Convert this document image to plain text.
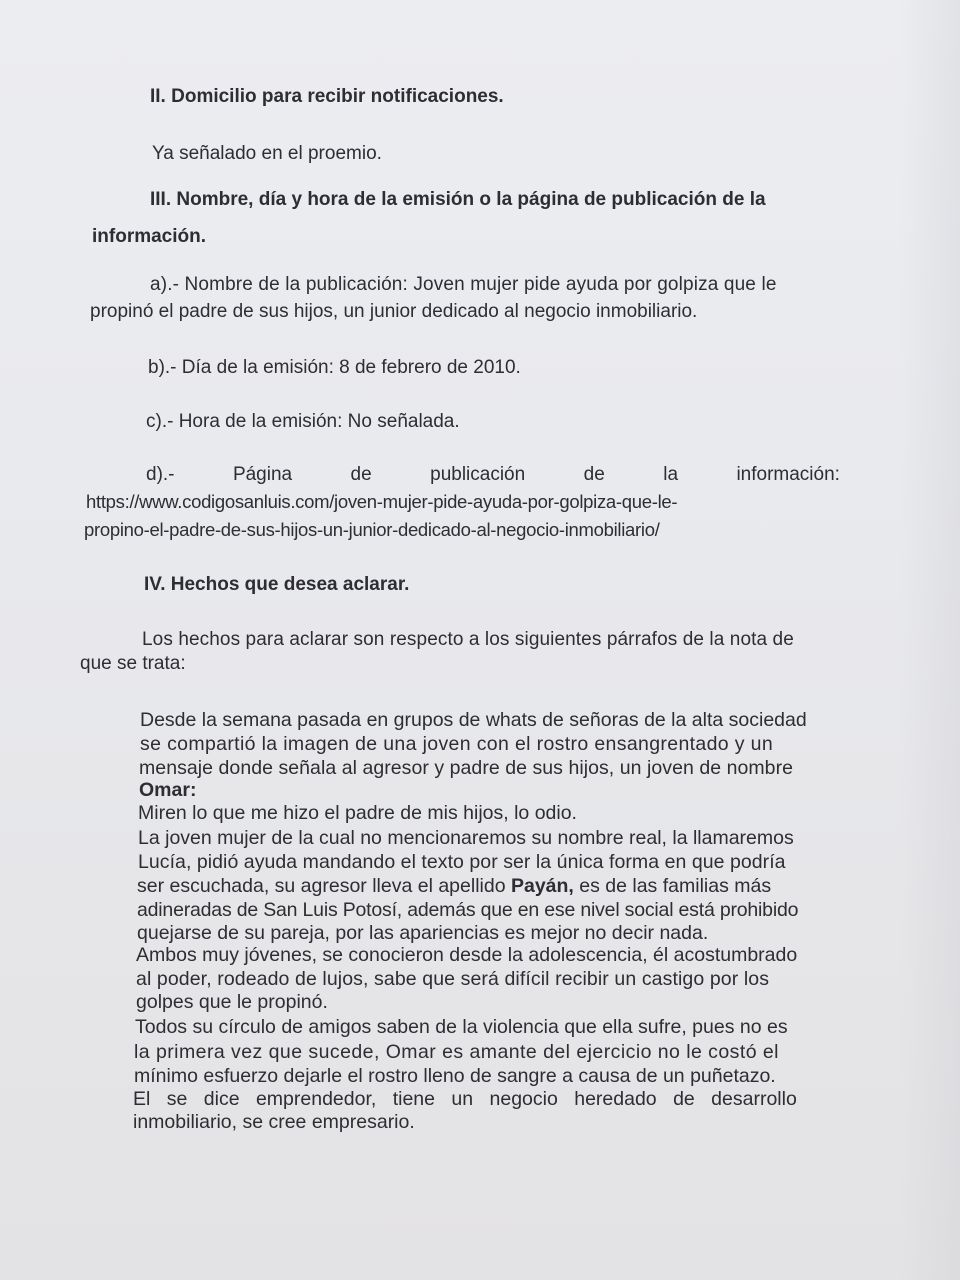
II. Domicilio para recibir notificaciones.

Ya señalado en el proemio.

III. Nombre, día y hora de la emisión o la página de publicación de la

información.

a).- Nombre de la publicación: Joven mujer pide ayuda por golpiza que le

propinó el padre de sus hijos, un junior dedicado al negocio inmobiliario.

b).- Día de la emisión: 8 de febrero de 2010.

c).- Hora de la emisión: No señalada.

d).-	Página	de	publicación	de	la	información:

https://www.codigosanluis.com/joven-mujer-pide-ayuda-por-golpiza-que-le-

propino-el-padre-de-sus-hijos-un-junior-dedicado-al-negocio-inmobiliario/

IV. Hechos que desea aclarar.

Los hechos para aclarar son respecto a los siguientes párrafos de la nota de

que se trata:

Desde la semana pasada en grupos de whats de señoras de la alta sociedad

se compartió la imagen de una joven con el rostro ensangrentado y un

mensaje donde señala al agresor y padre de sus hijos, un joven de nombre

Omar:

Miren lo que me hizo el padre de mis hijos, lo odio.

La joven mujer de la cual no mencionaremos su nombre real, la llamaremos

Lucía, pidió ayuda mandando el texto por ser la única forma en que podría

ser escuchada, su agresor lleva el apellido Payán, es de las familias más

adineradas de San Luis Potosí, además que en ese nivel social está prohibido

quejarse de su pareja, por las apariencias es mejor no decir nada.

Ambos muy jóvenes, se conocieron desde la adolescencia, él acostumbrado

al poder, rodeado de lujos, sabe que será difícil recibir un castigo por los

golpes que le propinó.

Todos su círculo de amigos saben de la violencia que ella sufre, pues no es

la primera vez que sucede, Omar es amante del ejercicio no le costó el

mínimo esfuerzo dejarle el rostro lleno de sangre a causa de un puñetazo.

El se dice emprendedor, tiene un negocio heredado de desarrollo

inmobiliario, se cree empresario.
